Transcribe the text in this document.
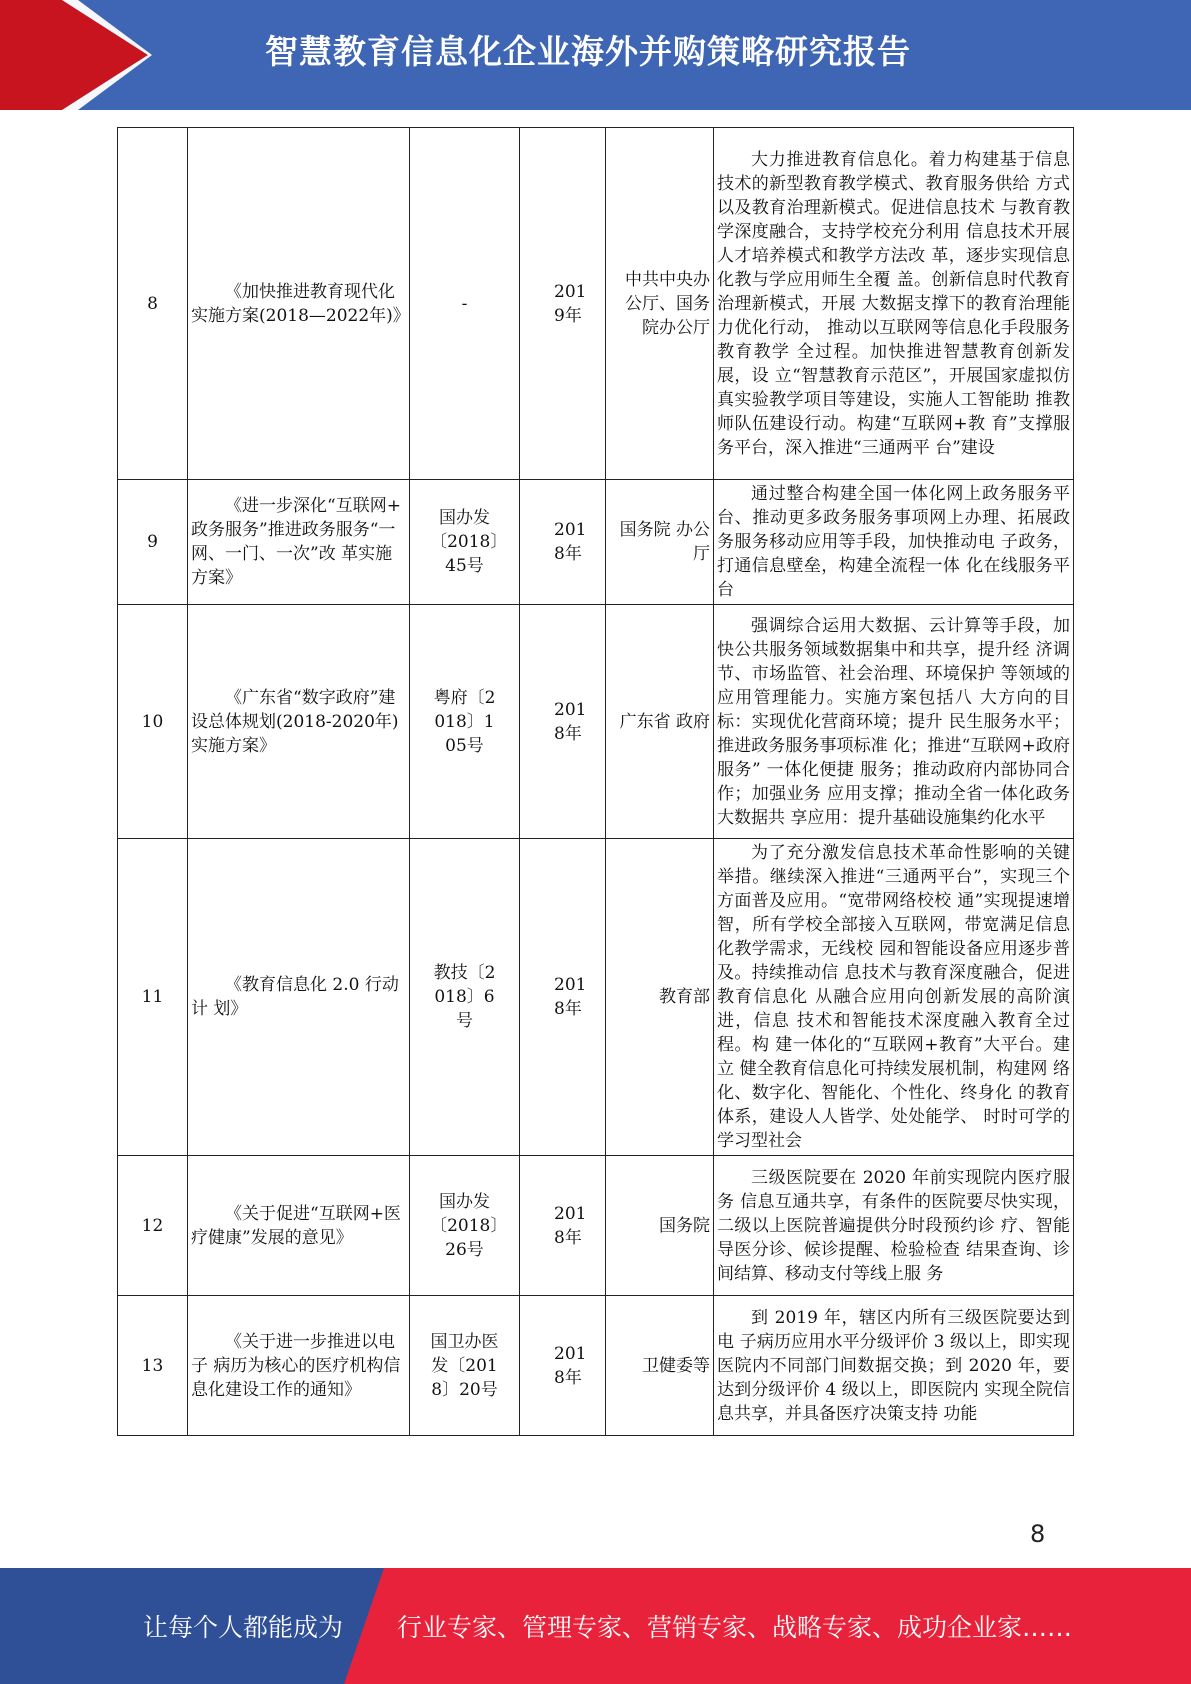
智慧教育信息化企业海外并购策略研究报告
8	《加快推进教育现代化实施方案(2018—2022年)》	-	2019年	中共中央办公厅、国务院办公厅	大力推进教育信息化。着力构建基于信息技术的新型教育教学模式、教育服务供给 方式以及教育治理新模式。促进信息技术 与教育教学深度融合，支持学校充分利用 信息技术开展人才培养模式和教学方法改 革，逐步实现信息化教与学应用师生全覆 盖。创新信息时代教育治理新模式，开展 大数据支撑下的教育治理能力优化行动， 推动以互联网等信息化手段服务教育教学 全过程。加快推进智慧教育创新发展，设 立“智慧教育示范区”，开展国家虚拟仿 真实验教学项目等建设，实施人工智能助 推教师队伍建设行动。构建“互联网+教 育”支撑服务平台，深入推进“三通两平 台”建设
9	《进一步深化“互联网+ 政务服务”推进政务服务“一网、一门、一次”改 革实施方案》	国办发〔2018〕45号	2018年	国务院 办公厅	通过整合构建全国一体化网上政务服务平 台、推动更多政务服务事项网上办理、拓展政务服务移动应用等手段，加快推动电 子政务，打通信息壁垒，构建全流程一体 化在线服务平台
10	《广东省“数字政府”建 设总体规划(2018-2020年)实施方案》	粤府〔2018〕105号	2018年	广东省 政府	强调综合运用大数据、云计算等手段，加快公共服务领域数据集中和共享，提升经 济调节、市场监管、社会治理、环境保护 等领域的应用管理能力。实施方案包括八 大方向的目标：实现优化营商环境；提升 民生服务水平；推进政务服务事项标准 化；推进“互联网+政府服务” 一体化便捷 服务；推动政府内部协同合作；加强业务 应用支撑；推动全省一体化政务大数据共 享应用：提升基础设施集约化水平
11	《教育信息化 2.0 行动计 划》	教技〔2018〕6号	2018年	教育部	为了充分激发信息技术革命性影响的关键 举措。继续深入推进“三通两平台”，实现三个方面普及应用。“宽带网络校校 通”实现提速增智，所有学校全部接入互联网，带宽满足信息化教学需求，无线校 园和智能设备应用逐步普及。持续推动信 息技术与教育深度融合，促进教育信息化 从融合应用向创新发展的高阶演进，信息 技术和智能技术深度融入教育全过程。构 建一体化的“互联网+教育”大平台。建立 健全教育信息化可持续发展机制，构建网 络化、数字化、智能化、个性化、终身化 的教育体系，建设人人皆学、处处能学、 时时可学的学习型社会
12	《关于促进“互联网+医 疗健康”发展的意见》	国办发〔2018〕26号	2018年	国务院	三级医院要在 2020 年前实现院内医疗服务 信息互通共享，有条件的医院要尽快实现，二级以上医院普遍提供分时段预约诊 疗、智能导医分诊、候诊提醒、检验检查 结果查询、诊间结算、移动支付等线上服 务
13	《关于进一步推进以电子 病历为核心的医疗机构信 息化建设工作的通知》	国卫办医 发〔2018〕20号	2018年	卫健委等	到 2019 年，辖区内所有三级医院要达到电 子病历应用水平分级评价 3 级以上，即实现医院内不同部门间数据交换；到 2020 年，要达到分级评价 4 级以上，即医院内 实现全院信息共享，并具备医疗决策支持 功能
8
让每个人都能成为 行业专家、管理专家、营销专家、战略专家、成功企业家……
